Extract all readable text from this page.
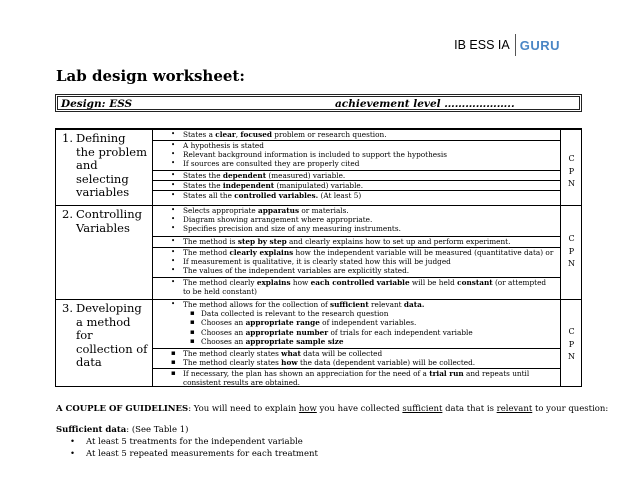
IB ESS IA GURU
Lab design worksheet:
Design: ESS	achievement level ………………..
1. Defining the problem and selecting variables
• States a clear, focused problem or research question.
• A hypothesis is stated
• Relevant background information is included to support the hypothesis
• If sources are consulted they are properly cited
• States the dependent (measured) variable.
• States the independent (manipulated) variable.
• States all the controlled variables. (At least 5)
C
P
N
2. Controlling Variables
• Selects appropriate apparatus or materials.
• Diagram showing arrangement where appropriate.
• Specifies precision and size of any measuring instruments.
• The method is step by step and clearly explains how to set up and perform experiment.
• The method clearly explains how the independent variable will be measured (quantitative data) or
• If measurement is qualitative, it is clearly stated how this will be judged
• The values of the independent variables are explicitly stated.
• The method clearly explains how each controlled variable will be held constant (or attempted to be held constant)
C
P
N
3. Developing a method for collection of data
• The method allows for the collection of sufficient relevant data.
▪ Data collected is relevant to the research question
▪ Chooses an appropriate range of independent variables.
▪ Chooses an appropriate number of trials for each independent variable
▪ Chooses an appropriate sample size
▪ The method clearly states what data will be collected
▪ The method clearly states how the data (dependent variable) will be collected.
▪ If necessary, the plan has shown an appreciation for the need of a trial run and repeats until consistent results are obtained.
C
P
N
A COUPLE OF GUIDELINES: You will need to explain how you have collected sufficient data that is relevant to your question:
Sufficient data: (See Table 1)
• At least 5 treatments for the independent variable
• At least 5 repeated measurements for each treatment
